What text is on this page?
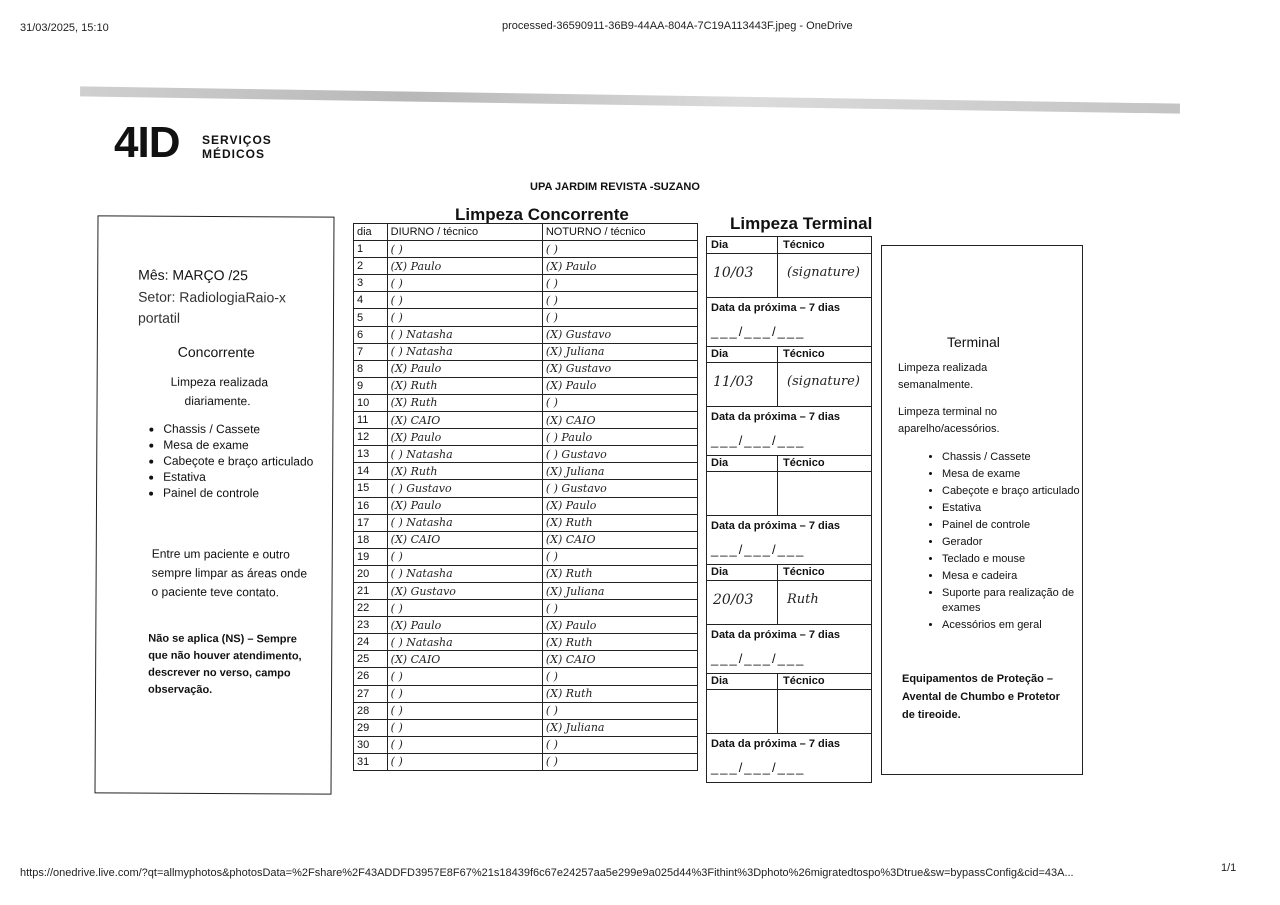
31/03/2025, 15:10	processed-36590911-36B9-44AA-804A-7C19A113443F.jpeg - OneDrive
4ID SERVIÇOS
MÉDICOS
UPA JARDIM REVISTA -SUZANO
Mês: MARÇO /25
Setor: RadiologiaRaio-x
portatil
Concorrente
Limpeza realizada
diariamente.
• Chassis / Cassete
• Mesa de exame
• Cabeçote e braço articulado
• Estativa
• Painel de controle
Entre um paciente e outro sempre limpar as áreas onde o paciente teve contato.
Não se aplica (NS) – Sempre que não houver atendimento, descrever no verso, campo observação.
Limpeza Concorrente
dia	DIURNO / técnico	NOTURNO / técnico
1	( )	( )
2	(X) Paulo	(X) Paulo
3	( )	( )
4	( )	( )
5	( )	( )
6	( ) Natasha	(X) Gustavo
7	( ) Natasha	(X) Juliana
8	(X) Paulo	(X) Gustavo
9	(X) Ruth	(X) Paulo
10	(X) Ruth	( )
11	(X) CAIO	(X) CAIO
12	(X) Paulo	( ) Paulo
13	( ) Natasha	( ) Gustavo
14	(X) Ruth	(X) Juliana
15	( ) Gustavo	( ) Gustavo
16	(X) Paulo	(X) Paulo
17	( ) Natasha	(X) Ruth
18	(X) CAIO	(X) CAIO
19	( )	( )
20	( ) Natasha	(X) Ruth
21	(X) Gustavo	(X) Juliana
22	( )	( )
23	(X) Paulo	(X) Paulo
24	( ) Natasha	(X) Ruth
25	(X) CAIO	(X) CAIO
26	( )	( )
27	( )	(X) Ruth
28	( )	( )
29	( )	(X) Juliana
30	( )	( )
31	( )	( )
Limpeza Terminal
Dia	Técnico
10/03	(signature)
Data da próxima – 7 dias
___/___/___
Dia	Técnico
11/03	(signature)
Data da próxima – 7 dias
___/___/___
Dia	Técnico
Data da próxima – 7 dias
___/___/___
Dia	Técnico
20/03	Ruth
Data da próxima – 7 dias
___/___/___
Dia	Técnico
Data da próxima – 7 dias
___/___/___
Terminal
Limpeza realizada
semanalmente.
Limpeza terminal no
aparelho/acessórios.
• Chassis / Cassete
• Mesa de exame
• Cabeçote e braço articulado
• Estativa
• Painel de controle
• Gerador
• Teclado e mouse
• Mesa e cadeira
• Suporte para realização de exames
• Acessórios em geral
Equipamentos de Proteção – Avental de Chumbo e Protetor de tireoide.
https://onedrive.live.com/?qt=allmyphotos&photosData=%2Fshare%2F43ADDFD3957E8F67%21s18439f6c67e24257aa5e299e9a025d44%3Fithint%3Dphoto%26migratedtospo%3Dtrue&sw=bypassConfig&cid=43A...	1/1
